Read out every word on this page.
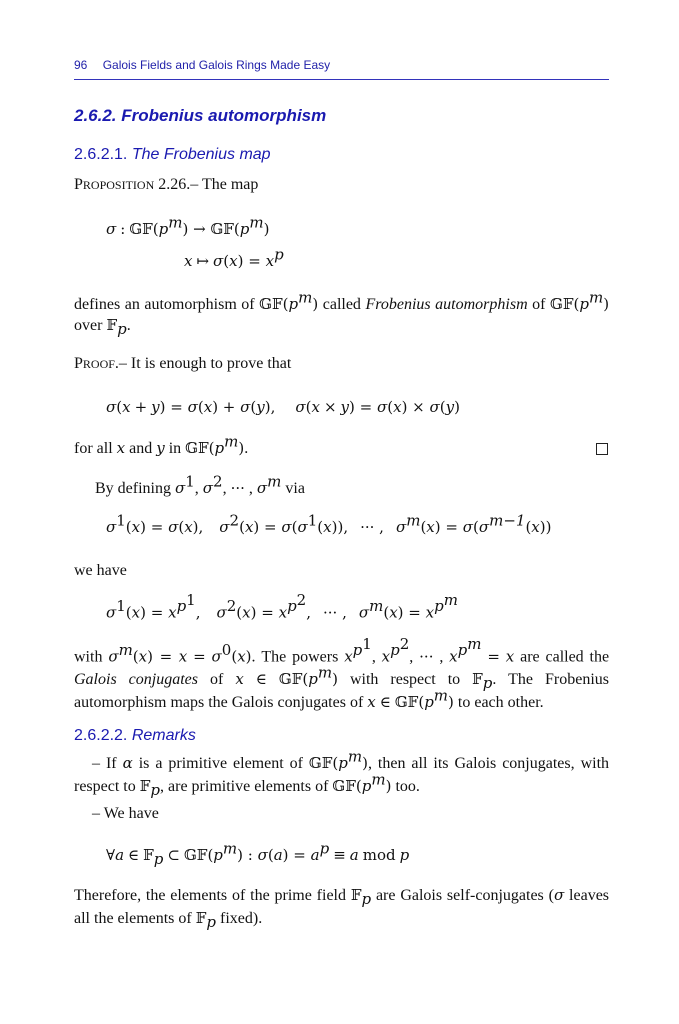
96 Galois Fields and Galois Rings Made Easy
2.6.2. Frobenius automorphism
2.6.2.1. The Frobenius map
PROPOSITION 2.26.– The map
σ : $𝔾𝔽(p^m)$ → $𝔾𝔽(p^m)$
x ↦ $\sigma(x) = x^p$
defines an automorphism of $𝔾𝔽(p^m)$ called Frobenius automorphism of $𝔾𝔽(p^m)$ over 𝔽$_p$.
PROOF.– It is enough to prove that
σ(x + y) = σ(x) + σ(y), σ(x × y) = σ(x) × σ(y)
for all x and y in $𝔾𝔽(p^m)$.
By defining $\sigma^1$, $\sigma^2$, ··· , $\sigma^m$ via
$\sigma^1(x) = \sigma(x)$, $\sigma^2(x) = \sigma(\sigma^1(x))$, ··· , $\sigma^m(x) = \sigma(\sigma^{m-1}(x))$
we have
$\sigma^1(x) = x^{p^1}$, $\sigma^2(x) = x^{p^2}$, ··· , $\sigma^m(x) = x^{p^m}$
with $\sigma^m(x) = x = \sigma^0(x)$. The powers $x^{p^1}$, $x^{p^2}$, ··· , $x^{p^m} = x$ are called the Galois conjugates of x ∈ $𝔾𝔽(p^m)$ with respect to 𝔽$_p$. The Frobenius automorphism maps the Galois conjugates of x ∈ $𝔾𝔽(p^m)$ to each other.
2.6.2.2. Remarks
– If α is a primitive element of $𝔾𝔽(p^m)$, then all its Galois conjugates, with respect to 𝔽$_p$, are primitive elements of $𝔾𝔽(p^m)$ too.
– We have
∀a ∈ 𝔽$_p$ ⊂ $𝔾𝔽(p^m)$ : $\sigma(a) = a^p \equiv a$ mod p
Therefore, the elements of the prime field 𝔽$_p$ are Galois self-conjugates (σ leaves all the elements of 𝔽$_p$ fixed).
